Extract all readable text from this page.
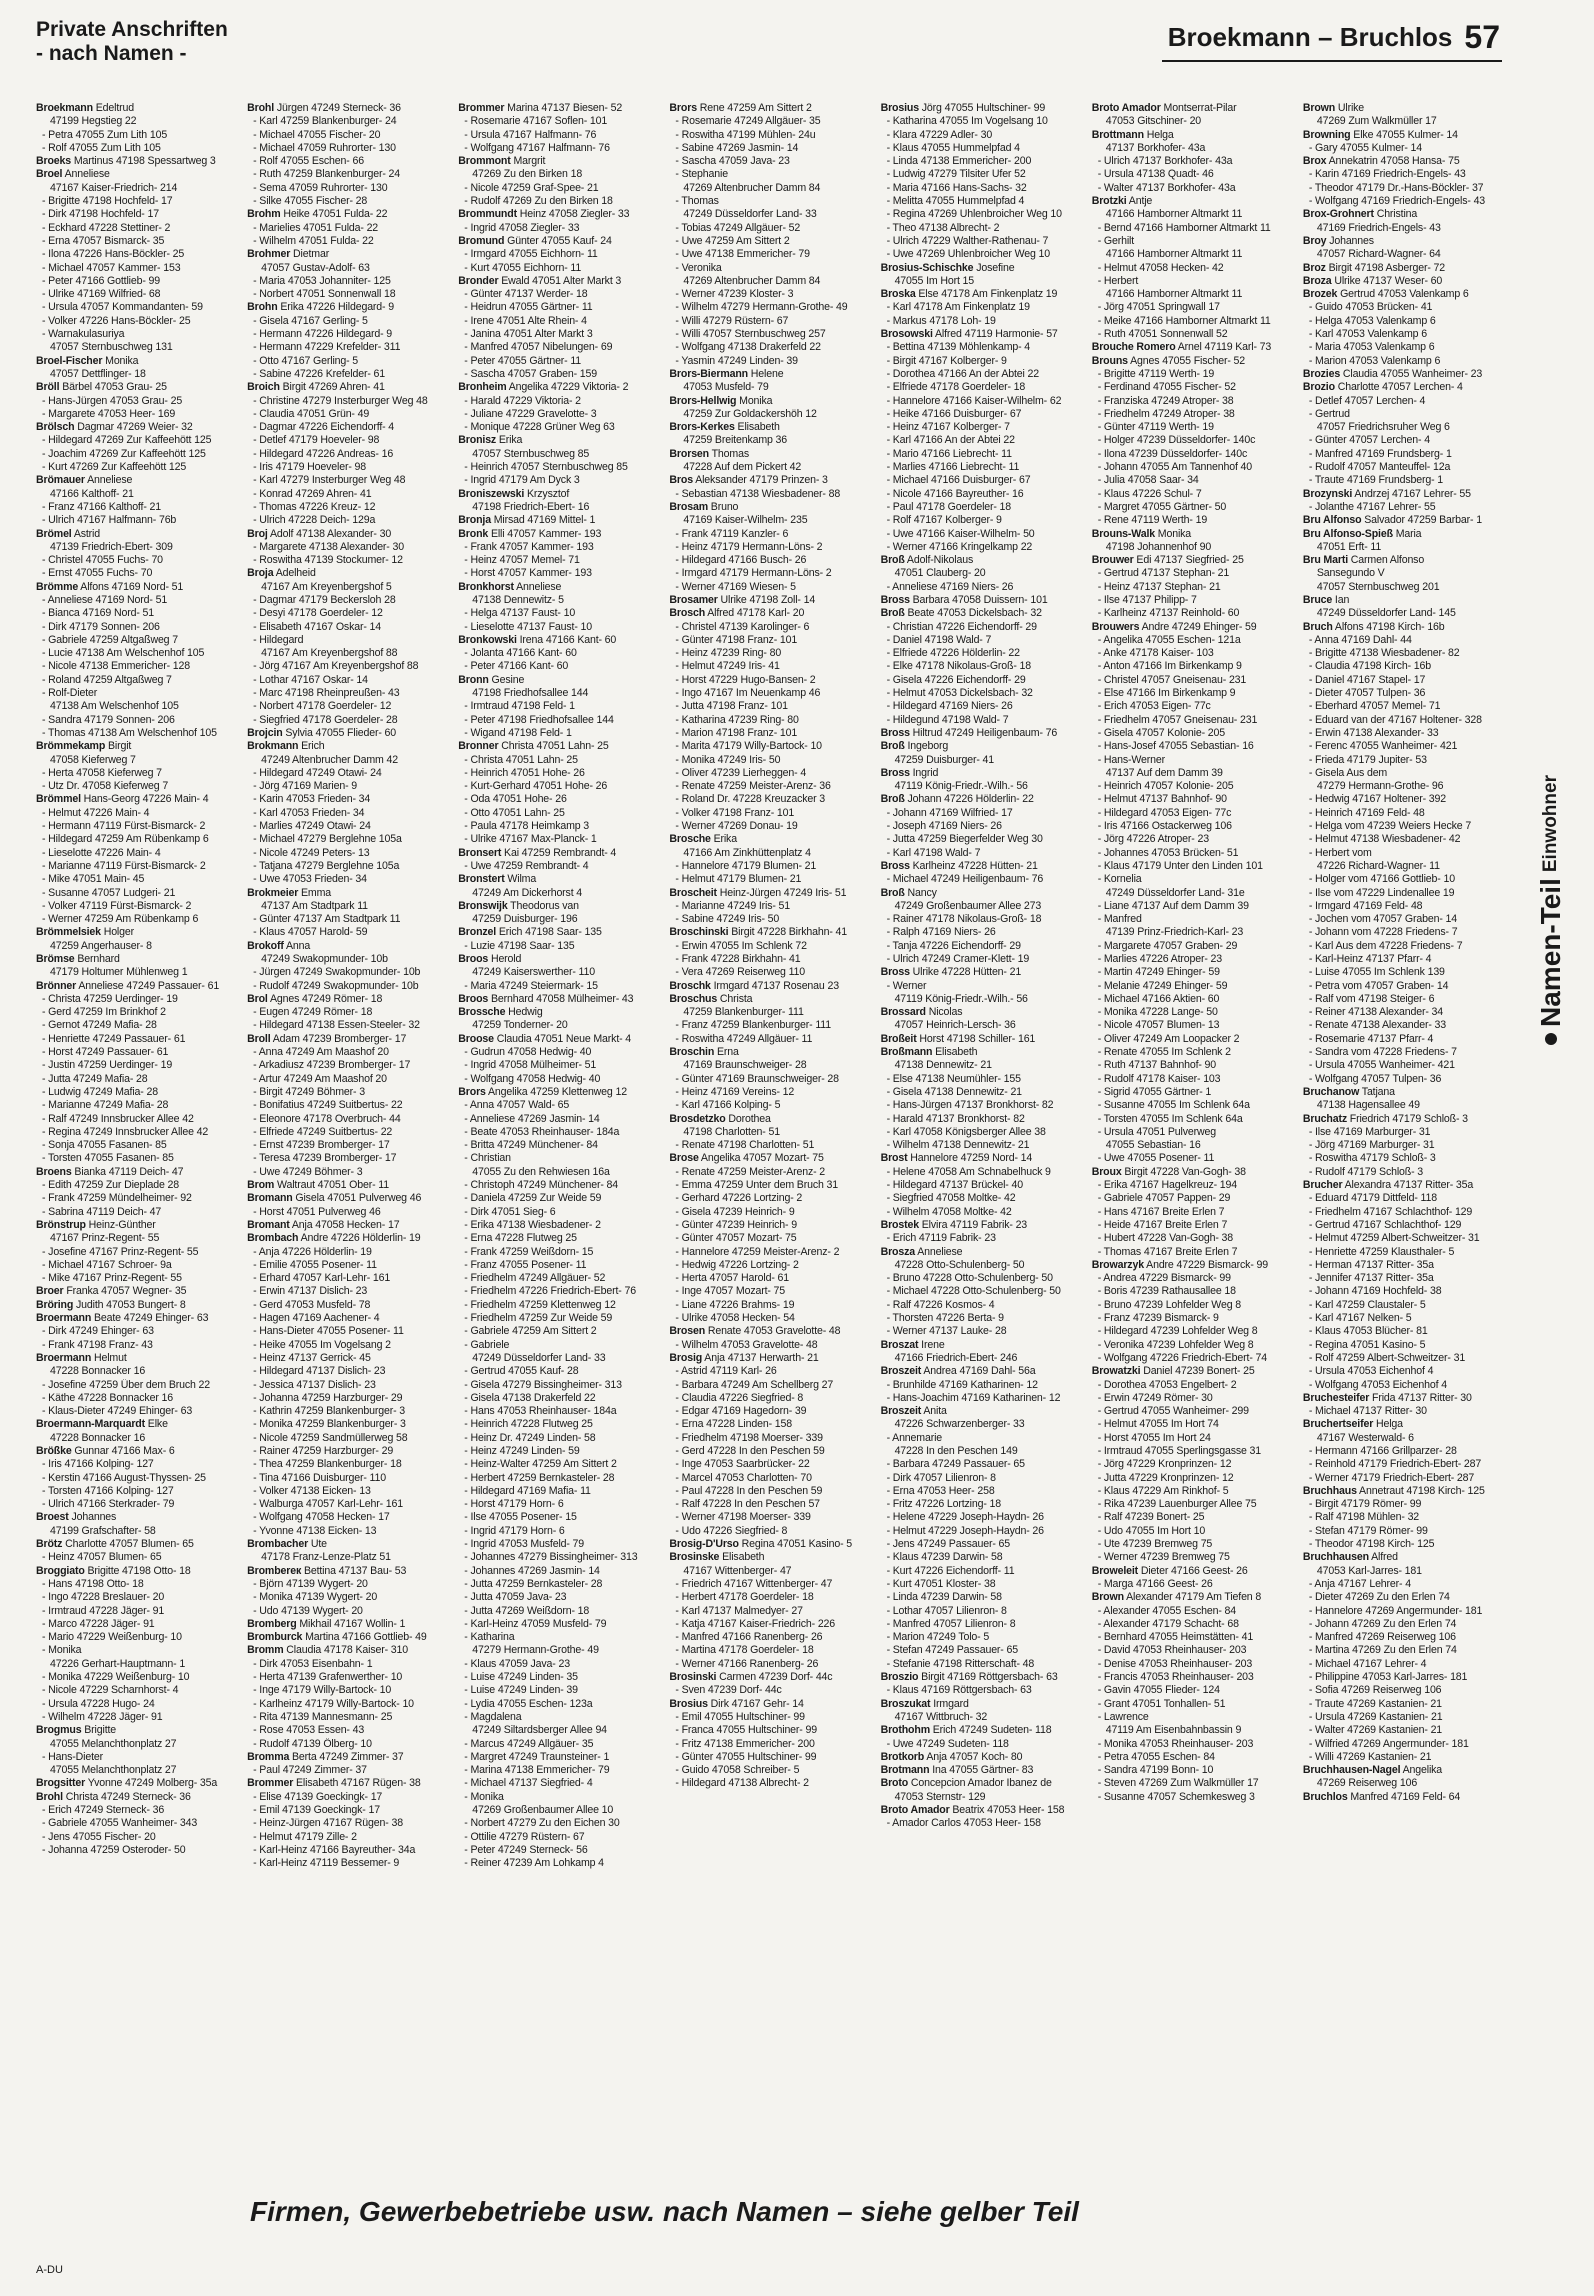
Private Anschriften
- nach Namen -
Broekmann – Bruchlos 57
Broekmann Edeltrud
47199 Hegstieg 22
- Petra 47055 Zum Lith 105
- Rolf 47055 Zum Lith 105
Broeks Martinus 47198 Spessartweg 3
Broel Anneliese
47167 Kaiser-Friedrich- 214
- Brigitte 47198 Hochfeld- 17
- Dirk 47198 Hochfeld- 17
- Eckhard 47228 Stettiner- 2
- Erna 47057 Bismarck- 35
- Ilona 47226 Hans-Böckler- 25
- Michael 47057 Kammer- 153
- Peter 47166 Gottlieb- 99
- Ulrike 47169 Wilfried- 68
- Ursula 47057 Kommandanten- 59
- Volker 47226 Hans-Böckler- 25
- Warnakulasuriya
47057 Sternbuschweg 131
Broel-Fischer Monika
47057 Dettflinger- 18
Bröll Bärbel 47053 Grau- 25
- Hans-Jürgen 47053 Grau- 25
- Margarete 47053 Heer- 169
Brölsch Dagmar 47269 Weier- 32
- Hildegard 47269 Zur Kaffeehött 125
- Joachim 47269 Zur Kaffeehött 125
- Kurt 47269 Zur Kaffeehött 125
Brömauer Anneliese
47166 Kalthoff- 21
- Franz 47166 Kalthoff- 21
- Ulrich 47167 Halfmann- 76b
Brömel Astrid
47139 Friedrich-Ebert- 309
- Christel 47055 Fuchs- 70
- Ernst 47055 Fuchs- 70
Brömme Alfons 47169 Nord- 51
- Anneliese 47169 Nord- 51
- Bianca 47169 Nord- 51
- Dirk 47179 Sonnen- 206
- Gabriele 47259 Altgaßweg 7
- Lucie 47138 Am Welschenhof 105
- Nicole 47138 Emmericher- 128
- Roland 47259 Altgaßweg 7
- Rolf-Dieter
47138 Am Welschenhof 105
- Sandra 47179 Sonnen- 206
- Thomas 47138 Am Welschenhof 105
Brömmekamp Birgit
47058 Kieferweg 7
- Herta 47058 Kieferweg 7
- Utz Dr. 47058 Kieferweg 7
Brömmel Hans-Georg 47226 Main- 4
- Helmut 47226 Main- 4
- Hermann 47119 Fürst-Bismarck- 2
- Hildegard 47259 Am Rübenkamp 6
- Lieselotte 47226 Main- 4
- Marianne 47119 Fürst-Bismarck- 2
- Mike 47051 Main- 45
- Susanne 47057 Ludgeri- 21
- Volker 47119 Fürst-Bismarck- 2
- Werner 47259 Am Rübenkamp 6
Brömmelsiek Holger
47259 Angerhauser- 8
Brömse Bernhard
47179 Holtumer Mühlenweg 1
Brönner Anneliese 47249 Passauer- 61
- Christa 47259 Uerdinger- 19
- Gerd 47259 Im Brinkhof 2
- Gernot 47249 Mafia- 28
- Henriette 47249 Passauer- 61
- Horst 47249 Passauer- 61
- Justin 47259 Uerdinger- 19
- Jutta 47249 Mafia- 28
- Ludwig 47249 Mafia- 28
- Marianne 47249 Mafia- 28
- Ralf 47249 Innsbrucker Allee 42
- Regina 47249 Innsbrucker Allee 42
- Sonja 47055 Fasanen- 85
- Torsten 47055 Fasanen- 85
Broens Bianka 47119 Deich- 47
- Edith 47259 Zur Dieplade 28
- Frank 47259 Mündelheimer- 92
- Sabrina 47119 Deich- 47
Brönstrup Heinz-Günther
47167 Prinz-Regent- 55
- Josefine 47167 Prinz-Regent- 55
- Michael 47167 Schroer- 9a
- Mike 47167 Prinz-Regent- 55
Broer Franka 47057 Wegner- 35
Bröring Judith 47053 Bungert- 8
Broermann Beate 47249 Ehinger- 63
- Dirk 47249 Ehinger- 63
- Frank 47198 Franz- 43
Broermann Helmut
47228 Bonnacker 16
- Josefine 47259 Über dem Bruch 22
- Käthe 47228 Bonnacker 16
- Klaus-Dieter 47249 Ehinger- 63
Broermann-Marquardt Elke
47228 Bonnacker 16
Brößke Gunnar 47166 Max- 6
- Iris 47166 Kolping- 127
- Kerstin 47166 August-Thyssen- 25
- Torsten 47166 Kolping- 127
- Ulrich 47166 Sterkrader- 79
Broest Johannes
47199 Grafschafter- 58
Brötz Charlotte 47057 Blumen- 65
- Heinz 47057 Blumen- 65
Broggiato Brigitte 47198 Otto- 18
- Hans 47198 Otto- 18
- Ingo 47228 Breslauer- 20
- Irmtraud 47228 Jäger- 91
- Marco 47228 Jäger- 91
- Mario 47229 Weißenburg- 10
- Monika
47226 Gerhart-Hauptmann- 1
- Monika 47229 Weißenburg- 10
- Nicole 47229 Scharnhorst- 4
- Ursula 47228 Hugo- 24
- Wilhelm 47228 Jäger- 91
Brogmus Brigitte
47055 Melanchthonplatz 27
- Hans-Dieter
47055 Melanchthonplatz 27
Brogsitter Yvonne 47249 Molberg- 35a
Brohl Christa 47249 Sterneck- 36
- Erich 47249 Sterneck- 36
- Gabriele 47055 Wanheimer- 343
- Jens 47055 Fischer- 20
- Johanna 47259 Osteroder- 50
Brohl Jürgen 47249 Sterneck- 36
- Karl 47259 Blankenburger- 24
- Michael 47055 Fischer- 20
- Michael 47059 Ruhrorter- 130
- Rolf 47055 Eschen- 66
- Ruth 47259 Blankenburger- 24
- Sema 47059 Ruhrorter- 130
- Silke 47055 Fischer- 28
Brohm Heike 47051 Fulda- 22
- Marielies 47051 Fulda- 22
- Wilhelm 47051 Fulda- 22
Brohmer Dietmar
47057 Gustav-Adolf- 63
- Maria 47053 Johanniter- 125
- Norbert 47051 Sonnenwall 18
Brohn Erika 47226 Hildegard- 9
- Gisela 47167 Gerling- 5
- Hermann 47226 Hildegard- 9
- Hermann 47229 Krefelder- 311
- Otto 47167 Gerling- 5
- Sabine 47226 Krefelder- 61
Broich Birgit 47269 Ahren- 41
- Christine 47279 Insterburger Weg 48
- Claudia 47051 Grün- 49
- Dagmar 47226 Eichendorff- 4
- Detlef 47179 Hoeveler- 98
- Hildegard 47226 Andreas- 16
- Iris 47179 Hoeveler- 98
- Karl 47279 Insterburger Weg 48
- Konrad 47269 Ahren- 41
- Thomas 47226 Kreuz- 12
- Ulrich 47228 Deich- 129a
Broj Adolf 47138 Alexander- 30
- Margarete 47138 Alexander- 30
- Roswitha 47139 Stockumer- 12
Broja Adelheid
47167 Am Kreyenbergshof 5
- Dagmar 47179 Beckersloh 28
- Desyi 47178 Goerdeler- 12
- Elisabeth 47167 Oskar- 14
- Hildegard
47167 Am Kreyenbergshof 88
- Jörg 47167 Am Kreyenbergshof 88
- Lothar 47167 Oskar- 14
- Marc 47198 Rheinpreußen- 43
- Norbert 47178 Goerdeler- 12
- Siegfried 47178 Goerdeler- 28
Brojcin Sylvia 47055 Flieder- 60
Brokmann Erich
47249 Altenbrucher Damm 42
- Hildegard 47249 Otawi- 24
- Jörg 47169 Marien- 9
- Karin 47053 Frieden- 34
- Karl 47053 Frieden- 34
- Marlies 47249 Otawi- 24
- Michael 47279 Berglehne 105a
- Nicole 47249 Peters- 13
- Tatjana 47279 Berglehne 105a
- Uwe 47053 Frieden- 34
Brokmeier Emma
47137 Am Stadtpark 11
- Günter 47137 Am Stadtpark 11
- Klaus 47057 Harold- 59
Brokoff Anna
47249 Swakopmunder- 10b
- Jürgen 47249 Swakopmunder- 10b
- Rudolf 47249 Swakopmunder- 10b
Brol Agnes 47249 Römer- 18
- Eugen 47249 Römer- 18
- Hildegard 47138 Essen-Steeler- 32
Broll Adam 47239 Bromberger- 17
- Anna 47249 Am Maashof 20
- Arkadiusz 47239 Bromberger- 17
- Artur 47249 Am Maashof 20
- Birgit 47249 Böhmer- 3
- Bonifatius 47249 Suitbertus- 22
- Eleonore 47178 Overbruch- 44
- Elfriede 47249 Suitbertus- 22
- Ernst 47239 Bromberger- 17
- Teresa 47239 Bromberger- 17
- Uwe 47249 Böhmer- 3
Brom Waltraut 47051 Ober- 11
Bromann Gisela 47051 Pulverweg 46
- Horst 47051 Pulverweg 46
Bromant Anja 47058 Hecken- 17
Brombach Andre 47226 Hölderlin- 19
- Anja 47226 Hölderlin- 19
- Emilie 47055 Posener- 11
- Erhard 47057 Karl-Lehr- 161
- Erwin 47137 Dislich- 23
- Gerd 47053 Musfeld- 78
- Hagen 47169 Aachener- 4
- Hans-Dieter 47055 Posener- 11
- Heike 47055 Im Vogelsang 2
- Heinz 47137 Gerrick- 45
- Hildegard 47137 Dislich- 23
- Jessica 47137 Dislich- 23
- Johanna 47259 Harzburger- 29
- Kathrin 47259 Blankenburger- 3
- Monika 47259 Blankenburger- 3
- Nicole 47259 Sandmüllerweg 58
- Rainer 47259 Harzburger- 29
- Thea 47259 Blankenburger- 18
- Tina 47166 Duisburger- 110
- Volker 47138 Eicken- 13
- Walburga 47057 Karl-Lehr- 161
- Wolfgang 47058 Hecken- 17
- Yvonne 47138 Eicken- 13
Brombacher Ute
47178 Franz-Lenze-Platz 51
Brombereк Bettina 47137 Bau- 53
- Björn 47139 Wygert- 20
- Monika 47139 Wygert- 20
- Udo 47139 Wygert- 20
Bromberg Mikhail 47167 Wollin- 1
Bromburck Martina 47166 Gottlieb- 49
Bromm Claudia 47178 Kaiser- 310
- Dirk 47053 Eisenbahn- 1
- Herta 47139 Grafenwerther- 10
- Inge 47179 Willy-Bartock- 10
- Karlheinz 47179 Willy-Bartock- 10
- Rita 47139 Mannesmann- 25
- Rose 47053 Essen- 43
- Rudolf 47139 Ölberg- 10
Bromma Berta 47249 Zimmer- 37
- Paul 47249 Zimmer- 37
Brommer Elisabeth 47167 Rügen- 38
- Elise 47139 Goeckingk- 17
- Emil 47139 Goeckingk- 17
- Heinz-Jürgen 47167 Rügen- 38
- Helmut 47179 Zille- 2
- Karl-Heinz 47166 Bayreuther- 34a
- Karl-Heinz 47119 Bessemer- 9
Brommer Marina 47137 Biesen- 52
- Rosemarie 47167 Soflen- 101
- Ursula 47167 Halfmann- 76
- Wolfgang 47167 Halfmann- 76
Brommont Margrit
47269 Zu den Birken 18
- Nicole 47259 Graf-Spee- 21
- Rudolf 47269 Zu den Birken 18
Brommundt Heinz 47058 Ziegler- 33
- Ingrid 47058 Ziegler- 33
Bromund Günter 47055 Kauf- 24
- Irmgard 47055 Eichhorn- 11
- Kurt 47055 Eichhorn- 11
Bronder Ewald 47051 Alter Markt 3
- Günter 47137 Werder- 18
- Heidrun 47055 Gärtner- 11
- Irene 47051 Alte Rhein- 4
- Janina 47051 Alter Markt 3
- Manfred 47057 Nibelungen- 69
- Peter 47055 Gärtner- 11
- Sascha 47057 Graben- 159
Bronheim Angelika 47229 Viktoria- 2
- Harald 47229 Viktoria- 2
- Juliane 47229 Gravelotte- 3
- Monique 47228 Grüner Weg 63
Bronisz Erika
47057 Sternbuschweg 85
- Heinrich 47057 Sternbuschweg 85
- Ingrid 47179 Am Dyck 3
Broniszewski Krzysztof
47198 Friedrich-Ebert- 16
Bronja Mirsad 47169 Mittel- 1
Bronk Elli 47057 Kammer- 193
- Frank 47057 Kammer- 193
- Heinz 47057 Memel- 71
- Horst 47057 Kammer- 193
Bronkhorst Anneliese
47138 Dennewitz- 5
- Helga 47137 Faust- 10
- Lieselotte 47137 Faust- 10
Bronkowski Irena 47166 Kant- 60
- Jolanta 47166 Kant- 60
- Peter 47166 Kant- 60
Bronn Gesine
47198 Friedhofsallee 144
- Irmtraud 47198 Feld- 1
- Peter 47198 Friedhofsallee 144
- Wigand 47198 Feld- 1
Bronner Christa 47051 Lahn- 25
- Christa 47051 Lahn- 25
- Heinrich 47051 Hohe- 26
- Kurt-Gerhard 47051 Hohe- 26
- Oda 47051 Hohe- 26
- Otto 47051 Lahn- 25
- Paula 47178 Heimkamp 3
- Ulrike 47167 Max-Planck- 1
Bronsert Kai 47259 Rembrandt- 4
- Uwe 47259 Rembrandt- 4
Bronstert Wilma
47249 Am Dickerhorst 4
Bronswijk Theodorus van
47259 Duisburger- 196
Bronzel Erich 47198 Saar- 135
- Luzie 47198 Saar- 135
Broos Herold
47249 Kaiserswerther- 110
- Maria 47249 Steiermark- 15
Broos Bernhard 47058 Mülheimer- 43
Brossche Hedwig
47259 Tonderner- 20
Broose Claudia 47051 Neue Markt- 4
- Gudrun 47058 Hedwig- 40
- Ingrid 47058 Mülheimer- 51
- Wolfgang 47058 Hedwig- 40
Brors Angelika 47259 Klettenweg 12
- Anna 47057 Wald- 65
- Anneliese 47269 Jasmin- 14
- Beate 47053 Rheinhauser- 184a
- Britta 47249 Münchener- 84
- Christian
47055 Zu den Rehwiesen 16a
- Christoph 47249 Münchener- 84
- Daniela 47259 Zur Weide 59
- Dirk 47051 Sieg- 6
- Erika 47138 Wiesbadener- 2
- Erna 47228 Flutweg 25
- Frank 47259 Weißdorn- 15
- Franz 47055 Posener- 11
- Friedhelm 47249 Allgäuer- 52
- Friedhelm 47226 Friedrich-Ebert- 76
- Friedhelm 47259 Klettenweg 12
- Friedhelm 47259 Zur Weide 59
- Gabriele 47259 Am Sittert 2
- Gabriele
47249 Düsseldorfer Land- 33
- Gertrud 47055 Kauf- 28
- Gisela 47279 Bissingheimer- 313
- Gisela 47138 Drakerfeld 22
- Hans 47053 Rheinhauser- 184a
- Heinrich 47228 Flutweg 25
- Heinz Dr. 47249 Linden- 58
- Heinz 47249 Linden- 59
- Heinz-Walter 47259 Am Sittert 2
- Herbert 47259 Bernkasteler- 28
- Hildegard 47169 Mafia- 11
- Horst 47179 Horn- 6
- Ilse 47055 Posener- 15
- Ingrid 47179 Horn- 6
- Ingrid 47053 Musfeld- 79
- Johannes 47279 Bissingheimer- 313
- Johannes 47269 Jasmin- 14
- Jutta 47259 Bernkasteler- 28
- Jutta 47059 Java- 23
- Jutta 47269 Weißdorn- 18
- Karl-Heinz 47059 Musfeld- 79
- Katharina
47279 Hermann-Grothe- 49
- Klaus 47059 Java- 23
- Luise 47249 Linden- 35
- Luise 47249 Linden- 39
- Lydia 47055 Eschen- 123a
- Magdalena
47249 Siltardsberger Allee 94
- Marcus 47249 Allgäuer- 35
- Margret 47249 Traunsteiner- 1
- Marina 47138 Emmericher- 79
- Michael 47137 Siegfried- 4
- Monika
47269 Großenbaumer Allee 10
- Norbert 47279 Zu den Eichen 30
- Ottilie 47279 Rüstern- 67
- Peter 47249 Sterneck- 56
- Reiner 47239 Am Lohkamp 4
Brors Rene 47259 Am Sittert 2
- Rosemarie 47249 Allgäuer- 35
- Roswitha 47199 Mühlen- 24u
- Sabine 47269 Jasmin- 14
- Sascha 47059 Java- 23
- Stephanie
47269 Altenbrucher Damm 84
- Thomas
47249 Düsseldorfer Land- 33
- Tobias 47249 Allgäuer- 52
- Uwe 47259 Am Sittert 2
- Uwe 47138 Emmericher- 79
- Veronika
47269 Altenbrucher Damm 84
- Werner 47239 Kloster- 3
- Wilhelm 47279 Hermann-Grothe- 49
- Willi 47279 Rüstern- 67
- Willi 47057 Sternbuschweg 257
- Wolfgang 47138 Drakerfeld 22
- Yasmin 47249 Linden- 39
Brors-Biermann Helene
47053 Musfeld- 79
Brors-Hellwig Monika
47259 Zur Goldackershöh 12
Brors-Kerkes Elisabeth
47259 Breitenkamp 36
Brorsen Thomas
47228 Auf dem Pickert 42
Bros Aleksander 47179 Prinzen- 3
- Sebastian 47138 Wiesbadener- 88
Brosam Bruno
47169 Kaiser-Wilhelm- 235
- Frank 47119 Kanzler- 6
- Heinz 47179 Hermann-Löns- 2
- Hildegard 47166 Busch- 26
- Irmgard 47179 Hermann-Löns- 2
- Werner 47169 Wiesen- 5
Brosamer Ulrike 47198 Zoll- 14
Brosch Alfred 47178 Karl- 20
- Christel 47139 Karolinger- 6
- Günter 47198 Franz- 101
- Heinz 47239 Ring- 80
- Helmut 47249 Iris- 41
- Horst 47229 Hugo-Bansen- 2
- Ingo 47167 Im Neuenkamp 46
- Jutta 47198 Franz- 101
- Katharina 47239 Ring- 80
- Marion 47198 Franz- 101
- Marita 47179 Willy-Bartock- 10
- Monika 47249 Iris- 50
- Oliver 47239 Lierheggen- 4
- Renate 47259 Meister-Arenz- 36
- Roland Dr. 47228 Kreuzacker 3
- Volker 47198 Franz- 101
- Werner 47269 Donau- 19
Brosche Erika
47166 Am Zinkhüttenplatz 4
- Hannelore 47179 Blumen- 21
- Helmut 47179 Blumen- 21
Broscheit Heinz-Jürgen 47249 Iris- 51
- Marianne 47249 Iris- 51
- Sabine 47249 Iris- 50
Broschinski Birgit 47228 Birkhahn- 41
- Erwin 47055 Im Schlenk 72
- Frank 47228 Birkhahn- 41
- Vera 47269 Reiserweg 110
Broschk Irmgard 47137 Rosenau 23
Broschus Christa
47259 Blankenburger- 111
- Franz 47259 Blankenburger- 111
- Roswitha 47249 Allgäuer- 11
Broschin Erna
47169 Braunschweiger- 28
- Günter 47169 Braunschweiger- 28
- Heinz 47169 Vereins- 12
- Karl 47166 Kolping- 5
Brosdetzko Dorothea
47198 Charlotten- 51
- Renate 47198 Charlotten- 51
Brose Angelika 47057 Mozart- 75
- Renate 47259 Meister-Arenz- 2
- Emma 47259 Unter dem Bruch 31
- Gerhard 47226 Lortzing- 2
- Gisela 47239 Heinrich- 9
- Günter 47239 Heinrich- 9
- Günter 47057 Mozart- 75
- Hannelore 47259 Meister-Arenz- 2
- Hedwig 47226 Lortzing- 2
- Herta 47057 Harold- 61
- Inge 47057 Mozart- 75
- Liane 47226 Brahms- 19
- Ulrike 47058 Hecken- 54
Brosen Renate 47053 Gravelotte- 48
- Wilhelm 47053 Gravelotte- 48
Brosig Anja 47137 Herwarth- 21
- Astrid 47119 Karl- 26
- Barbara 47249 Am Schellberg 27
- Claudia 47226 Siegfried- 8
- Edgar 47169 Hagedorn- 39
- Erna 47228 Linden- 158
- Friedhelm 47198 Moerser- 339
- Gerd 47228 In den Peschen 59
- Inge 47053 Saarbrücker- 22
- Marcel 47053 Charlotten- 70
- Paul 47228 In den Peschen 59
- Ralf 47228 In den Peschen 57
- Werner 47198 Moerser- 339
- Udo 47226 Siegfried- 8
Brosig-D'Urso Regina 47051 Kasino- 5
Brosinske Elisabeth
47167 Wittenberger- 47
- Friedrich 47167 Wittenberger- 47
- Herbert 47178 Goerdeler- 18
- Karl 47137 Malmedyer- 27
- Katja 47167 Kaiser-Friedrich- 226
- Manfred 47166 Ranenberg- 26
- Martina 47178 Goerdeler- 18
- Werner 47166 Ranenberg- 26
Brosinski Carmen 47239 Dorf- 44c
- Sven 47239 Dorf- 44c
Brosius Dirk 47167 Gehr- 14
- Emil 47055 Hultschiner- 99
- Franca 47055 Hultschiner- 99
- Fritz 47138 Emmericher- 200
- Günter 47055 Hultschiner- 99
- Guido 47058 Schreiber- 5
- Hildegard 47138 Albrecht- 2
Brosius Jörg 47055 Hultschiner- 99
- Katharina 47055 Im Vogelsang 10
- Klara 47229 Adler- 30
- Klaus 47055 Hummelpfad 4
- Linda 47138 Emmericher- 200
- Ludwig 47279 Tilsiter Ufer 52
- Maria 47166 Hans-Sachs- 32
- Melitta 47055 Hummelpfad 4
- Regina 47269 Uhlenbroicher Weg 10
- Theo 47138 Albrecht- 2
- Ulrich 47229 Walther-Rathenau- 7
- Uwe 47269 Uhlenbroicher Weg 10
Brosius-Schischke Josefine
47055 Im Hort 15
Broska Else 47178 Am Finkenplatz 19
- Karl 47178 Am Finkenplatz 19
- Markus 47178 Loh- 19
Brosowski Alfred 47119 Harmonie- 57
- Bettina 47139 Möhlenkamp- 4
- Birgit 47167 Kolberger- 9
- Dorothea 47166 An der Abtei 22
- Elfriede 47178 Goerdeler- 18
- Hannelore 47166 Kaiser-Wilhelm- 62
- Heike 47166 Duisburger- 67
- Heinz 47167 Kolberger- 7
- Karl 47166 An der Abtei 22
- Mario 47166 Liebrecht- 11
- Marlies 47166 Liebrecht- 11
- Michael 47166 Duisburger- 67
- Nicole 47166 Bayreuther- 16
- Paul 47178 Goerdeler- 18
- Rolf 47167 Kolberger- 9
- Uwe 47166 Kaiser-Wilhelm- 50
- Werner 47166 Kringelkamp 22
Broß Adolf-Nikolaus
47051 Clauberg- 20
- Anneliese 47169 Niers- 26
Bross Barbara 47058 Duissern- 101
Broß Beate 47053 Dickelsbach- 32
- Christian 47226 Eichendorff- 29
- Daniel 47198 Wald- 7
- Elfriede 47226 Hölderlin- 22
- Elke 47178 Nikolaus-Groß- 18
- Gisela 47226 Eichendorff- 29
- Helmut 47053 Dickelsbach- 32
- Hildegard 47169 Niers- 26
- Hildegund 47198 Wald- 7
Bross Hiltrud 47249 Heiligenbaum- 76
Broß Ingeborg
47259 Duisburger- 41
Bross Ingrid
47119 König-Friedr.-Wilh.- 56
Broß Johann 47226 Hölderlin- 22
- Johann 47169 Wilfried- 17
- Joseph 47169 Niers- 26
- Jutta 47259 Biegerfelder Weg 30
- Karl 47198 Wald- 7
Bross Karlheinz 47228 Hütten- 21
- Michael 47249 Heiligenbaum- 76
Broß Nancy
47249 Großenbaumer Allee 273
- Rainer 47178 Nikolaus-Groß- 18
- Ralph 47169 Niers- 26
- Tanja 47226 Eichendorff- 29
- Ulrich 47249 Cramer-Klett- 19
Bross Ulrike 47228 Hütten- 21
- Werner
47119 König-Friedr.-Wilh.- 56
Brossard Nicolas
47057 Heinrich-Lersch- 36
Broßeit Horst 47198 Schiller- 161
Broßmann Elisabeth
47138 Dennewitz- 21
- Else 47138 Neumühler- 155
- Gisela 47138 Dennewitz- 21
- Hans-Jürgen 47137 Bronkhorst- 82
- Harald 47137 Bronkhorst- 82
- Karl 47058 Königsberger Allee 38
- Wilhelm 47138 Dennewitz- 21
Brost Hannelore 47259 Nord- 14
- Helene 47058 Am Schnabelhuck 9
- Hildegard 47137 Brückel- 40
- Siegfried 47058 Moltke- 42
- Wilhelm 47058 Moltke- 42
Brostek Elvira 47119 Fabrik- 23
- Erich 47119 Fabrik- 23
Brosza Anneliese
47228 Otto-Schulenberg- 50
- Bruno 47228 Otto-Schulenberg- 50
- Michael 47228 Otto-Schulenberg- 50
- Ralf 47226 Kosmos- 4
- Thorsten 47226 Berta- 9
- Werner 47137 Lauke- 28
Broszat Irene
47166 Friedrich-Ebert- 246
Broszeit Andrea 47169 Dahl- 56a
- Brunhilde 47169 Katharinen- 12
- Hans-Joachim 47169 Katharinen- 12
Broszeit Anita
47226 Schwarzenberger- 33
- Annemarie
47228 In den Peschen 149
- Barbara 47249 Passauer- 65
- Dirk 47057 Lilienron- 8
- Erna 47053 Heer- 258
- Fritz 47226 Lortzing- 18
- Helene 47229 Joseph-Haydn- 26
- Helmut 47229 Joseph-Haydn- 26
- Jens 47249 Passauer- 65
- Klaus 47239 Darwin- 58
- Kurt 47226 Eichendorff- 11
- Kurt 47051 Kloster- 38
- Linda 47239 Darwin- 58
- Lothar 47057 Lilienron- 8
- Manfred 47057 Lilienron- 8
- Marion 47249 Tolo- 5
- Stefan 47249 Passauer- 65
- Stefanie 47198 Ritterschaft- 48
Broszio Birgit 47169 Röttgersbach- 63
- Klaus 47169 Röttgersbach- 63
Broszukat Irmgard
47167 Wittbruch- 32
Brothohm Erich 47249 Sudeten- 118
- Uwe 47249 Sudeten- 118
Brotkorb Anja 47057 Koch- 80
Brotmann Ina 47055 Gärtner- 83
Broto Concepcion Amador Ibanez de
47053 Sternstr- 129
Broto Amador Beatrix 47053 Heer- 158
- Amador Carlos 47053 Heer- 158
Broto Amador Montserrat-Pilar
47053 Gitschiner- 20
Brottmann Helga
47137 Borkhofer- 43a
- Ulrich 47137 Borkhofer- 43a
- Ursula 47138 Quadt- 46
- Walter 47137 Borkhofer- 43a
Brotzki Antje
47166 Hamborner Altmarkt 11
- Bernd 47166 Hamborner Altmarkt 11
- Gerhilt
47166 Hamborner Altmarkt 11
- Helmut 47058 Hecken- 42
- Herbert
47166 Hamborner Altmarkt 11
- Jörg 47051 Springwall 17
- Meike 47166 Hamborner Altmarkt 11
- Ruth 47051 Sonnenwall 52
Brouche Romero Arnel 47119 Karl- 73
Brouns Agnes 47055 Fischer- 52
- Brigitte 47119 Werth- 19
- Ferdinand 47055 Fischer- 52
- Franziska 47249 Atroper- 38
- Friedhelm 47249 Atroper- 38
- Günter 47119 Werth- 19
- Holger 47239 Düsseldorfer- 140c
- Ilona 47239 Düsseldorfer- 140c
- Johann 47055 Am Tannenhof 40
- Julia 47058 Saar- 34
- Klaus 47226 Schul- 7
- Margret 47055 Gärtner- 50
- Rene 47119 Werth- 19
Brouns-Walk Monika
47198 Johannenhof 90
Brouwer Edi 47137 Siegfried- 25
- Gertrud 47137 Stephan- 21
- Heinz 47137 Stephan- 21
- Ilse 47137 Philipp- 7
- Karlheinz 47137 Reinhold- 60
Brouwers Andre 47249 Ehinger- 59
- Angelika 47055 Eschen- 121a
- Anke 47178 Kaiser- 103
- Anton 47166 Im Birkenkamp 9
- Christel 47057 Gneisenau- 231
- Else 47166 Im Birkenkamp 9
- Erich 47053 Eigen- 77c
- Friedhelm 47057 Gneisenau- 231
- Gisela 47057 Kolonie- 205
- Hans-Josef 47055 Sebastian- 16
- Hans-Werner
47137 Auf dem Damm 39
- Heinrich 47057 Kolonie- 205
- Helmut 47137 Bahnhof- 90
- Hildegard 47053 Eigen- 77c
- Iris 47166 Ostackerweg 106
- Jörg 47226 Atroper- 23
- Johannes 47053 Brücken- 51
- Klaus 47179 Unter den Linden 101
- Kornelia
47249 Düsseldorfer Land- 31e
- Liane 47137 Auf dem Damm 39
- Manfred
47139 Prinz-Friedrich-Karl- 23
- Margarete 47057 Graben- 29
- Marlies 47226 Atroper- 23
- Martin 47249 Ehinger- 59
- Melanie 47249 Ehinger- 59
- Michael 47166 Aktien- 60
- Monika 47228 Lange- 50
- Nicole 47057 Blumen- 13
- Oliver 47249 Am Loopacker 2
- Renate 47055 Im Schlenk 2
- Ruth 47137 Bahnhof- 90
- Rudolf 47178 Kaiser- 103
- Sigrid 47055 Gärtner- 1
- Susanne 47055 Im Schlenk 64a
- Torsten 47055 Im Schlenk 64a
- Ursula 47051 Pulverweg
47055 Sebastian- 16
- Uwe 47055 Posener- 11
Broux Birgit 47228 Van-Gogh- 38
- Erika 47167 Hagelkreuz- 194
- Gabriele 47057 Pappen- 29
- Hans 47167 Breite Erlen 7
- Heide 47167 Breite Erlen 7
- Hubert 47228 Van-Gogh- 38
- Thomas 47167 Breite Erlen 7
Browarzyk Andre 47229 Bismarck- 99
- Andrea 47229 Bismarck- 99
- Boris 47239 Rathausallee 18
- Bruno 47239 Lohfelder Weg 8
- Franz 47239 Bismarck- 9
- Hildegard 47239 Lohfelder Weg 8
- Veronika 47239 Lohfelder Weg 8
- Wolfgang 47226 Friedrich-Ebert- 74
Browatzki Daniel 47239 Bonert- 25
- Dorothea 47053 Engelbert- 2
- Erwin 47249 Römer- 30
- Gertrud 47055 Wanheimer- 299
- Helmut 47055 Im Hort 74
- Horst 47055 Im Hort 24
- Irmtraud 47055 Sperlingsgasse 31
- Jörg 47229 Kronprinzen- 12
- Jutta 47229 Kronprinzen- 12
- Klaus 47229 Am Rinkhof- 5
- Rika 47239 Lauenburger Allee 75
- Ralf 47239 Bonert- 25
- Udo 47055 Im Hort 10
- Ute 47239 Bremweg 75
- Werner 47239 Bremweg 75
Broweleit Dieter 47166 Geest- 26
- Marga 47166 Geest- 26
Brown Alexander 47179 Am Tiefen 8
- Alexander 47055 Eschen- 84
- Alexander 47179 Schacht- 68
- Bernhard 47055 Heimstätten- 41
- David 47053 Rheinhauser- 203
- Denise 47053 Rheinhauser- 203
- Francis 47053 Rheinhauser- 203
- Gavin 47055 Flieder- 124
- Grant 47051 Tonhallen- 51
- Lawrence
47119 Am Eisenbahnbassin 9
- Monika 47053 Rheinhauser- 203
- Petra 47055 Eschen- 84
- Sandra 47199 Bonn- 10
- Steven 47269 Zum Walkmüller 17
- Susanne 47057 Schemkesweg 3
Brown Ulrike
47269 Zum Walkmüller 17
Browning Elke 47055 Kulmer- 14
- Gary 47055 Kulmer- 14
Brox Annekatrin 47058 Hansa- 75
- Karin 47169 Friedrich-Engels- 43
- Theodor 47179 Dr.-Hans-Böckler- 37
- Wolfgang 47169 Friedrich-Engels- 43
Brox-Grohnert Christina
47169 Friedrich-Engels- 43
Broy Johannes
47057 Richard-Wagner- 64
Broz Birgit 47198 Asberger- 72
Broza Ulrike 47137 Weser- 60
Brozek Gertrud 47053 Valenkamp 6
- Guido 47053 Brücken- 41
- Helga 47053 Valenkamp 6
- Karl 47053 Valenkamp 6
- Maria 47053 Valenkamp 6
- Marion 47053 Valenkamp 6
Brozies Claudia 47055 Wanheimer- 23
Brozio Charlotte 47057 Lerchen- 4
- Detlef 47057 Lerchen- 4
- Gertrud
47057 Friedrichsruher Weg 6
- Günter 47057 Lerchen- 4
- Manfred 47169 Frundsberg- 1
- Rudolf 47057 Manteuffel- 12a
- Traute 47169 Frundsberg- 1
Brozynski Andrzej 47167 Lehrer- 55
- Jolanthe 47167 Lehrer- 55
Bru Alfonso Salvador 47259 Barbar- 1
Bru Alfonso-Spieß Maria
47051 Erft- 11
Bru Marti Carmen Alfonso
Sansegundo V
47057 Sternbuschweg 201
Bruce Ian
47249 Düsseldorfer Land- 145
Bruch Alfons 47198 Kirch- 16b
- Anna 47169 Dahl- 44
- Brigitte 47138 Wiesbadener- 82
- Claudia 47198 Kirch- 16b
- Daniel 47167 Stapel- 17
- Dieter 47057 Tulpen- 36
- Eberhard 47057 Memel- 71
- Eduard van der 47167 Holtener- 328
- Erwin 47138 Alexander- 33
- Ferenc 47055 Wanheimer- 421
- Frieda 47179 Jupiter- 53
- Gisela Aus dem
47279 Hermann-Grothe- 96
- Hedwig 47167 Holtener- 392
- Heinrich 47169 Feld- 48
- Helga vom 47239 Weiers Hecke 7
- Helmut 47138 Wiesbadener- 42
- Herbert vom
47226 Richard-Wagner- 11
- Holger vom 47166 Gottlieb- 10
- Ilse vom 47229 Lindenallee 19
- Irmgard 47169 Feld- 48
- Jochen vom 47057 Graben- 14
- Johann vom 47228 Friedens- 7
- Karl Aus dem 47228 Friedens- 7
- Karl-Heinz 47137 Pfarr- 4
- Luise 47055 Im Schlenk 139
- Petra vom 47057 Graben- 14
- Ralf vom 47198 Steiger- 6
- Reiner 47138 Alexander- 34
- Renate 47138 Alexander- 33
- Rosemarie 47137 Pfarr- 4
- Sandra vom 47228 Friedens- 7
- Ursula 47055 Wanheimer- 421
- Wolfgang 47057 Tulpen- 36
Bruchanow Tatjana
47138 Hagensallee 49
Bruchatz Friedrich 47179 Schloß- 3
- Ilse 47169 Marburger- 31
- Jörg 47169 Marburger- 31
- Roswitha 47179 Schloß- 3
- Rudolf 47179 Schloß- 3
Brucher Alexandra 47137 Ritter- 35a
- Eduard 47179 Dittfeld- 118
- Friedhelm 47167 Schlachthof- 129
- Gertrud 47167 Schlachthof- 129
- Helmut 47259 Albert-Schweitzer- 31
- Henriette 47259 Klausthaler- 5
- Herman 47137 Ritter- 35a
- Jennifer 47137 Ritter- 35a
- Johann 47169 Hochfeld- 38
- Karl 47259 Claustaler- 5
- Karl 47167 Nelken- 5
- Klaus 47053 Blücher- 81
- Regina 47051 Kasino- 5
- Rolf 47259 Albert-Schweitzer- 31
- Ursula 47053 Eichenhof 4
- Wolfgang 47053 Eichenhof 4
Bruchesteifer Frida 47137 Ritter- 30
- Michael 47137 Ritter- 30
Bruchertseifer Helga
47167 Westerwald- 6
- Hermann 47166 Grillparzer- 28
- Reinhold 47179 Friedrich-Ebert- 287
- Werner 47179 Friedrich-Ebert- 287
Bruchhaus Annetraut 47198 Kirch- 125
- Birgit 47179 Römer- 99
- Ralf 47198 Mühlen- 32
- Stefan 47179 Römer- 99
- Theodor 47198 Kirch- 125
Bruchhausen Alfred
47053 Karl-Jarres- 181
- Anja 47167 Lehrer- 4
- Dieter 47269 Zu den Erlen 74
- Hannelore 47269 Angermunder- 181
- Johann 47269 Zu den Erlen 74
- Manfred 47269 Reiserweg 106
- Martina 47269 Zu den Erlen 74
- Michael 47167 Lehrer- 4
- Philippine 47053 Karl-Jarres- 181
- Sofia 47269 Reiserweg 106
- Traute 47269 Kastanien- 21
- Ursula 47269 Kastanien- 21
- Walter 47269 Kastanien- 21
- Wilfried 47269 Angermunder- 181
- Willi 47269 Kastanien- 21
Bruchhausen-Nagel Angelika
47269 Reiserweg 106
Bruchlos Manfred 47169 Feld- 64
Namen-Teil
Einwohner
Firmen, Gewerbebetriebe usw. nach Namen – siehe gelber Teil
A-DU
